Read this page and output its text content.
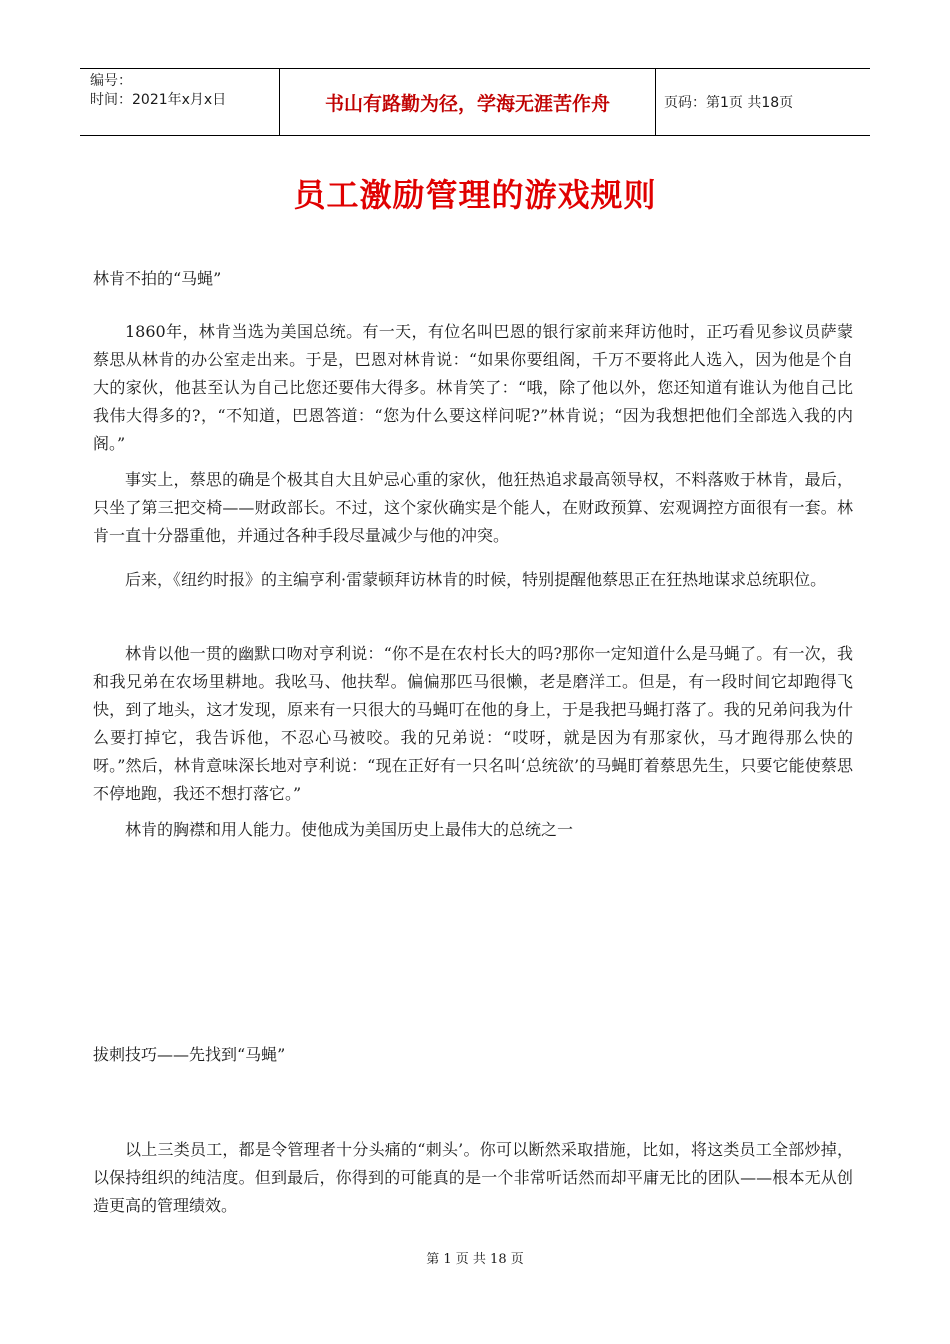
编号：
时间：2021年x月x日	书山有路勤为径，学海无涯苦作舟	页码：第1页 共18页
员工激励管理的游戏规则
林肯不拍的“马蝇”
1860年，林肯当选为美国总统。有一天，有位名叫巴恩的银行家前来拜访他时，正巧看见参议员萨蒙蔡思从林肯的办公室走出来。于是，巴恩对林肯说：“如果你要组阁，千万不要将此人选入，因为他是个自大的家伙，他甚至认为自己比您还要伟大得多。林肯笑了：“哦，除了他以外，您还知道有谁认为他自己比我伟大得多的?，“不知道，巴恩答道：“您为什么要这样问呢?”林肯说；“因为我想把他们全部选入我的内阁。”
事实上，蔡思的确是个极其自大且妒忌心重的家伙，他狂热追求最高领导权，不料落败于林肯，最后，只坐了第三把交椅——财政部长。不过，这个家伙确实是个能人，在财政预算、宏观调控方面很有一套。林肯一直十分器重他，并通过各种手段尽量减少与他的冲突。
后来，《纽约时报》的主编亨利·雷蒙顿拜访林肯的时候，特别提醒他蔡思正在狂热地谋求总统职位。
林肯以他一贯的幽默口吻对亨利说：“你不是在农村长大的吗?那你一定知道什么是马蝇了。有一次，我和我兄弟在农场里耕地。我吆马、他扶犁。偏偏那匹马很懒，老是磨洋工。但是，有一段时间它却跑得飞快，到了地头，这才发现，原来有一只很大的马蝇叮在他的身上，于是我把马蝇打落了。我的兄弟问我为什么要打掉它，我告诉他，不忍心马被咬。我的兄弟说：“哎呀，就是因为有那家伙，马才跑得那么快的呀。”然后，林肯意味深长地对亨利说：“现在正好有一只名叫‘总统欲’的马蝇盯着蔡思先生，只要它能使蔡思不停地跑，我还不想打落它。”
林肯的胸襟和用人能力。使他成为美国历史上最伟大的总统之一
拔刺技巧——先找到“马蝇”
以上三类员工，都是令管理者十分头痛的“刺头’。你可以断然采取措施，比如，将这类员工全部炒掉，以保持组织的纯洁度。但到最后，你得到的可能真的是一个非常听话然而却平庸无比的团队——根本无从创造更高的管理绩效。
第 1 页 共 18 页
